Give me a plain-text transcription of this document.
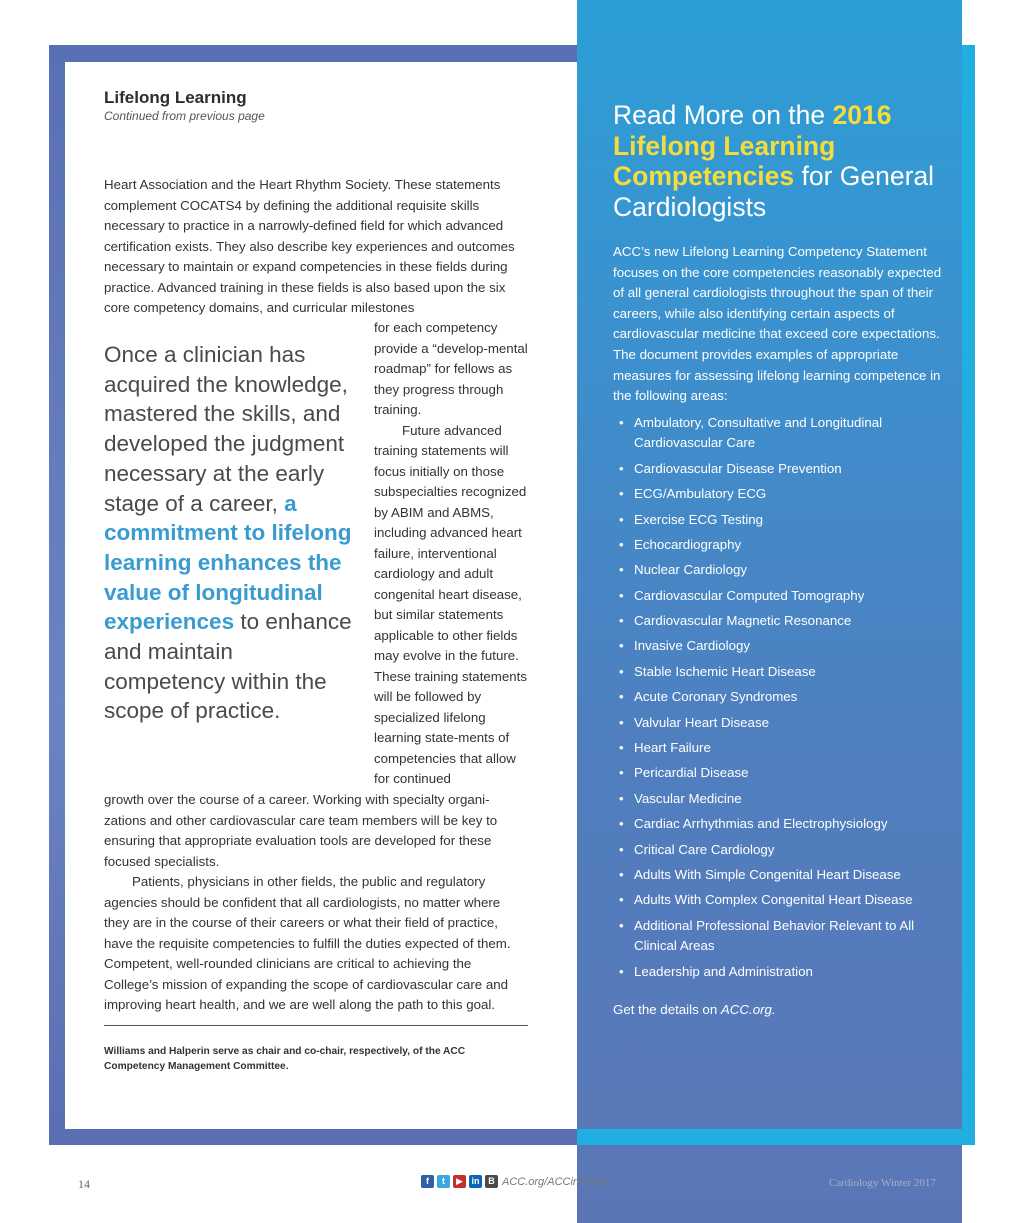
Lifelong Learning

Continued from previous page

Heart Association and the Heart Rhythm Society. These statements complement COCATS4 by defining the additional requisite skills necessary to practice in a narrowly-defined field for which advanced certification exists. They also describe key experiences and outcomes necessary to maintain or expand competencies in these fields during practice. Advanced training in these fields is also based upon the six core competency domains, and curricular milestones

for each competency provide a “develop-mental roadmap” for fellows as they progress through training.

Future advanced training statements will focus initially on those subspecialties recognized by ABIM and ABMS, including advanced heart failure, interventional cardiology and adult congenital heart disease, but similar statements applicable to other fields may evolve in the future. These training statements will be followed by specialized lifelong learning state-ments of competencies that allow for continued

Once a clinician has acquired the knowledge, mastered the skills, and developed the judgment necessary at the early stage of a career, a commitment to lifelong learning enhances the value of longitudinal experiences to enhance and maintain competency within the scope of practice.

growth over the course of a career. Working with specialty organi-zations and other cardiovascular care team members will be key to ensuring that appropriate evaluation tools are developed for these focused specialists.

Patients, physicians in other fields, the public and regulatory agencies should be confident that all cardiologists, no matter where they are in the course of their careers or what their field of practice, have the requisite competencies to fulfill the duties expected of them. Competent, well-rounded clinicians are critical to achieving the College’s mission of expanding the scope of cardiovascular care and improving heart health, and we are well along the path to this goal.

Williams and Halperin serve as chair and co-chair, respectively, of the ACC Competency Management Committee.

Read More on the 2016 Lifelong Learning Competencies for General Cardiologists

ACC’s new Lifelong Learning Competency Statement focuses on the core competencies reasonably expected of all general cardiologists throughout the span of their careers, while also identifying certain aspects of cardiovascular medicine that exceed core expectations. The document provides examples of appropriate measures for assessing lifelong learning competence in the following areas:

• Ambulatory, Consultative and Longitudinal Cardiovascular Care
• Cardiovascular Disease Prevention
• ECG/Ambulatory ECG
• Exercise ECG Testing
• Echocardiography
• Nuclear Cardiology
• Cardiovascular Computed Tomography
• Cardiovascular Magnetic Resonance
• Invasive Cardiology
• Stable Ischemic Heart Disease
• Acute Coronary Syndromes
• Valvular Heart Disease
• Heart Failure
• Pericardial Disease
• Vascular Medicine
• Cardiac Arrhythmias and Electrophysiology
• Critical Care Cardiology
• Adults With Simple Congenital Heart Disease
• Adults With Complex Congenital Heart Disease
• Additional Professional Behavior Relevant to All Clinical Areas
• Leadership and Administration

Get the details on ACC.org.

14	f	t	▶ in B ACC.org/ACCinTouch	Cardiology Winter 2017
